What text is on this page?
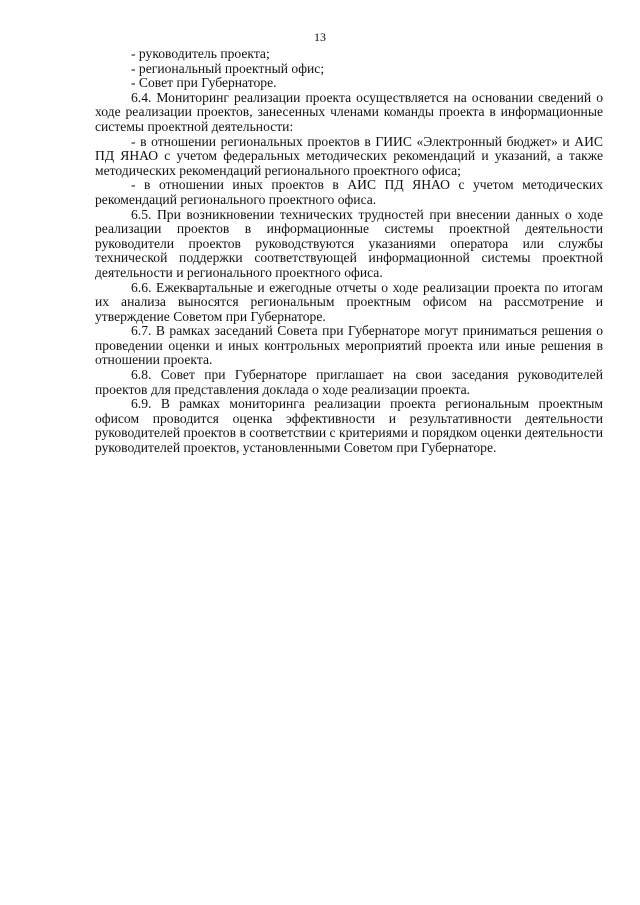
13

- руководитель проекта;

- региональный проектный офис;

- Совет при Губернаторе.

6.4. Мониторинг реализации проекта осуществляется на основании сведений о ходе реализации проектов, занесенных членами команды проекта в информационные системы проектной деятельности:

- в отношении региональных проектов в ГИИС «Электронный бюджет» и АИС ПД ЯНАО с учетом федеральных методических рекомендаций и указаний, а также методических рекомендаций регионального проектного офиса;

- в отношении иных проектов в АИС ПД ЯНАО с учетом методических рекомендаций регионального проектного офиса.

6.5. При возникновении технических трудностей при внесении данных о ходе реализации проектов в информационные системы проектной деятельности руководители проектов руководствуются указаниями оператора или службы технической поддержки соответствующей информационной системы проектной деятельности и регионального проектного офиса.

6.6. Ежеквартальные и ежегодные отчеты о ходе реализации проекта по итогам их анализа выносятся региональным проектным офисом на рассмотрение и утверждение Советом при Губернаторе.

6.7. В рамках заседаний Совета при Губернаторе могут приниматься решения о проведении оценки и иных контрольных мероприятий проекта или иные решения в отношении проекта.

6.8. Совет при Губернаторе приглашает на свои заседания руководителей проектов для представления доклада о ходе реализации проекта.

6.9. В рамках мониторинга реализации проекта региональным проектным офисом проводится оценка эффективности и результативности деятельности руководителей проектов в соответствии с критериями и порядком оценки деятельности руководителей проектов, установленными Советом при Губернаторе.
